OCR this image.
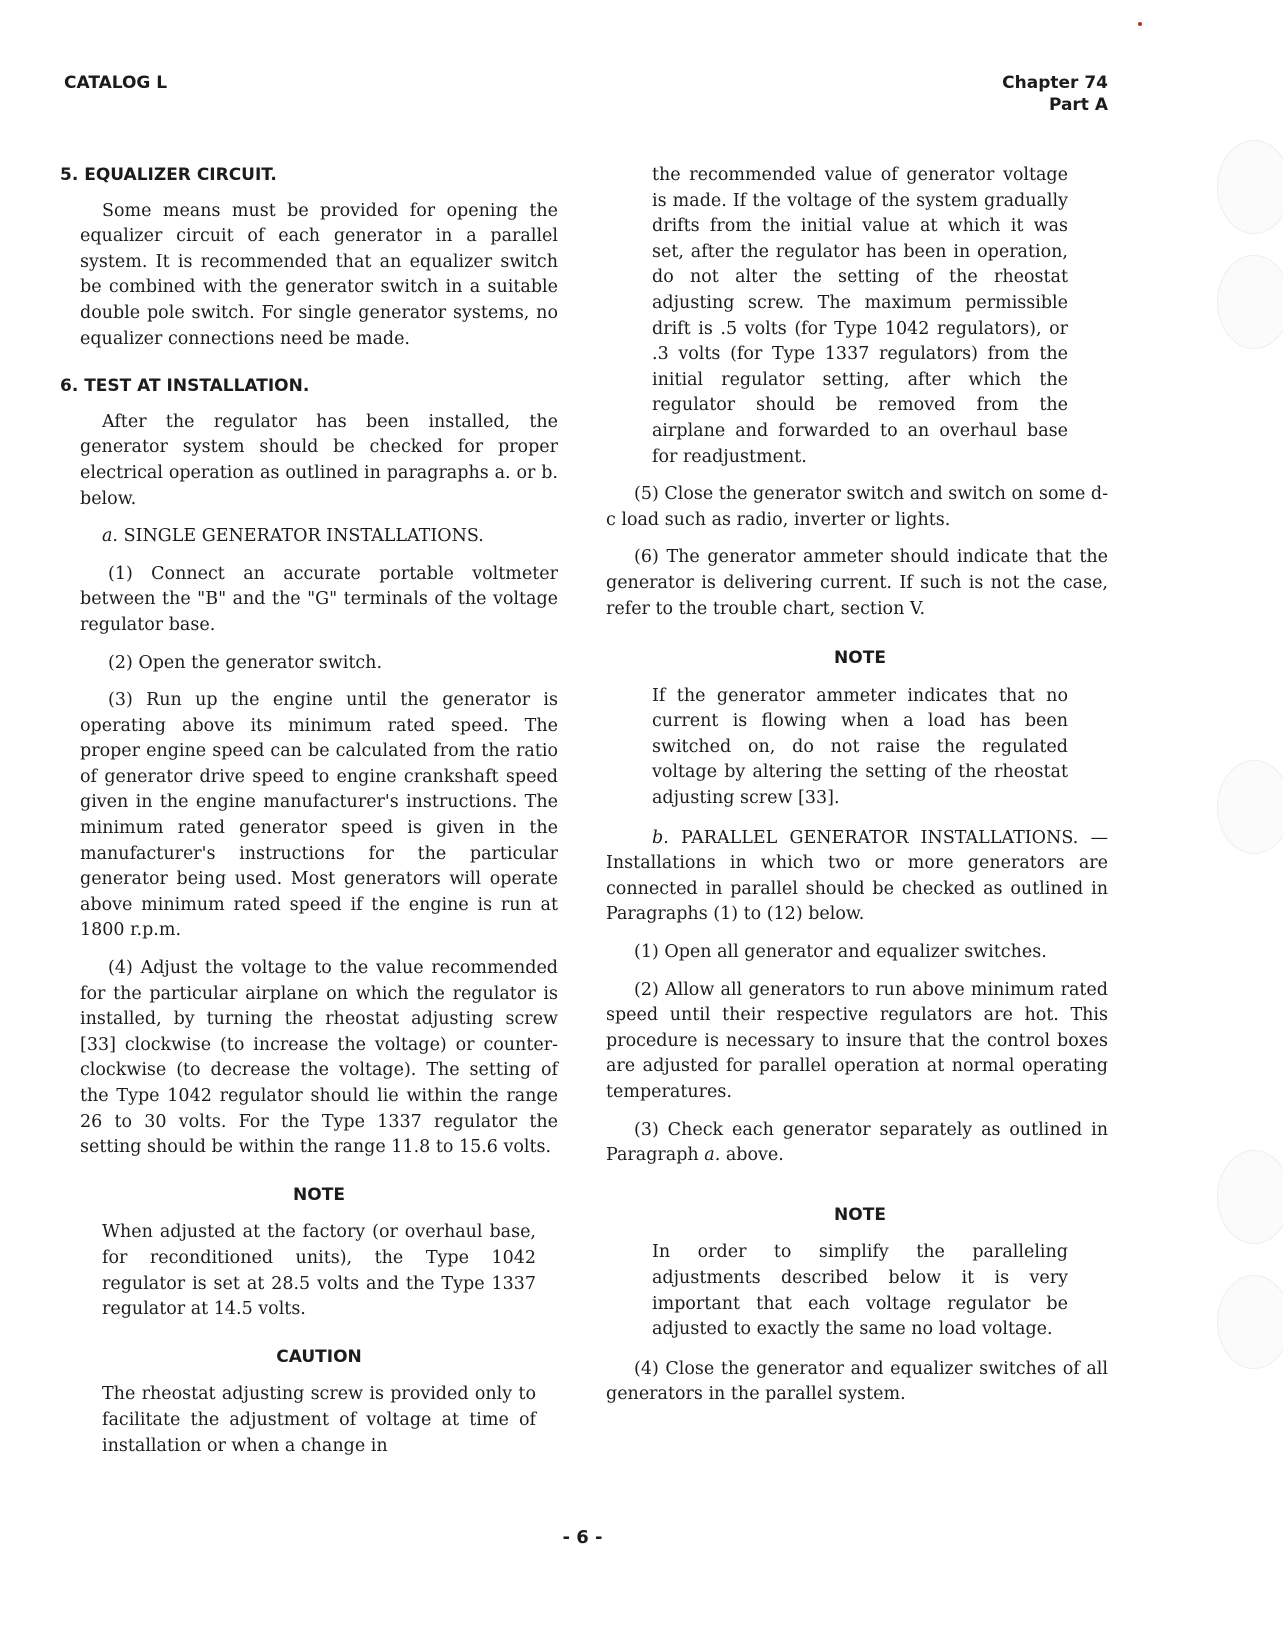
CATALOG L	Chapter 74
Part A
5. EQUALIZER CIRCUIT.

Some means must be provided for opening the equalizer circuit of each generator in a parallel system. It is recommended that an equalizer switch be combined with the generator switch in a suitable double pole switch. For single generator systems, no equalizer connections need be made.

6. TEST AT INSTALLATION.

After the regulator has been installed, the generator system should be checked for proper electrical operation as outlined in paragraphs a. or b. below.

a. SINGLE GENERATOR INSTALLATIONS.

(1) Connect an accurate portable voltmeter between the "B" and the "G" terminals of the voltage regulator base.

(2) Open the generator switch.

(3) Run up the engine until the generator is operating above its minimum rated speed. The proper engine speed can be calculated from the ratio of generator drive speed to engine crankshaft speed given in the engine manufacturer's instructions. The minimum rated generator speed is given in the manufacturer's instructions for the particular generator being used. Most generators will operate above minimum rated speed if the engine is run at 1800 r.p.m.

(4) Adjust the voltage to the value recommended for the particular airplane on which the regulator is installed, by turning the rheostat adjusting screw [33] clockwise (to increase the voltage) or counter-clockwise (to decrease the voltage). The setting of the Type 1042 regulator should lie within the range 26 to 30 volts. For the Type 1337 regulator the setting should be within the range 11.8 to 15.6 volts.

NOTE

When adjusted at the factory (or overhaul base, for reconditioned units), the Type 1042 regulator is set at 28.5 volts and the Type 1337 regulator at 14.5 volts.

CAUTION

The rheostat adjusting screw is provided only to facilitate the adjustment of voltage at time of installation or when a change in

the recommended value of generator voltage is made. If the voltage of the system gradually drifts from the initial value at which it was set, after the regulator has been in operation, do not alter the setting of the rheostat adjusting screw. The maximum permissible drift is .5 volts (for Type 1042 regulators), or .3 volts (for Type 1337 regulators) from the initial regulator setting, after which the regulator should be removed from the airplane and forwarded to an overhaul base for readjustment.

(5) Close the generator switch and switch on some d-c load such as radio, inverter or lights.

(6) The generator ammeter should indicate that the generator is delivering current. If such is not the case, refer to the trouble chart, section V.

NOTE

If the generator ammeter indicates that no current is flowing when a load has been switched on, do not raise the regulated voltage by altering the setting of the rheostat adjusting screw [33].

b. PARALLEL GENERATOR INSTALLATIONS. —Installations in which two or more generators are connected in parallel should be checked as outlined in Paragraphs (1) to (12) below.

(1) Open all generator and equalizer switches.

(2) Allow all generators to run above minimum rated speed until their respective regulators are hot. This procedure is necessary to insure that the control boxes are adjusted for parallel operation at normal operating temperatures.

(3) Check each generator separately as outlined in Paragraph a. above.

NOTE

In order to simplify the paralleling adjustments described below it is very important that each voltage regulator be adjusted to exactly the same no load voltage.

(4) Close the generator and equalizer switches of all generators in the parallel system.

- 6 -
